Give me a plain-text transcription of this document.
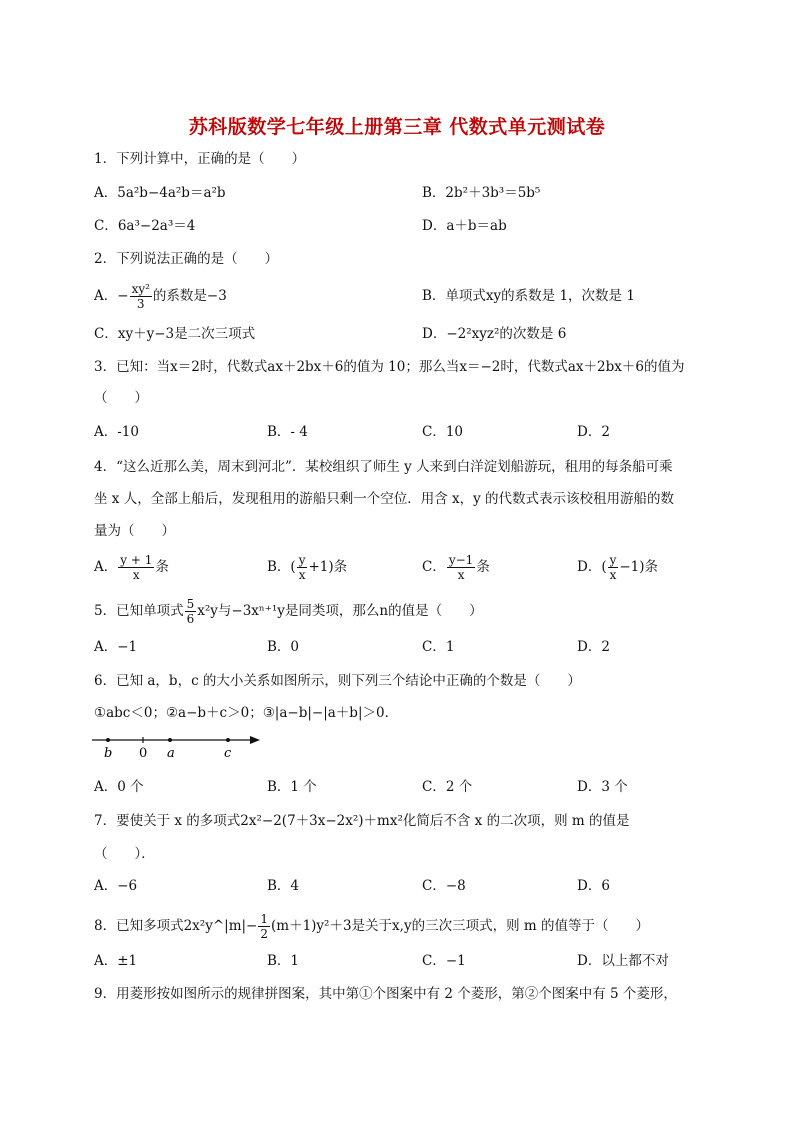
苏科版数学七年级上册第三章 代数式单元测试卷
1．下列计算中，正确的是（　　）
A．5a²b−4a²b＝a²b	B．2b²＋3b³＝5b⁵
C．6a³−2a³＝4	D．a＋b＝ab
2．下列说法正确的是（　　）
A．− $\frac{\text{xy²}}{3}$ 的系数是−3	B．单项式xy的系数是 1，次数是 1
C．xy＋y−3是二次三项式	D．−2²xyz²的次数是 6
3．已知：当x＝2时，代数式ax＋2bx＋6的值为 10；那么当x＝−2时，代数式ax＋2bx＋6的值为
（　　）
A．-10	B．- 4	C．10	D．2
4．“这么近那么美，周末到河北”．某校组织了师生 y 人来到白洋淀划船游玩，租用的每条船可乘
坐 x 人，全部上船后，发现租用的游船只剩一个空位．用含 x，y 的代数式表示该校租用游船的数
量为（　　）
A． $\frac{y + 1}{x}$ 条	B．( $\frac{y}{x} +1$)条	C． $\frac{y-1}{x}$ 条	D．( $\frac{y}{x} -1$)条
5．已知单项式 $\frac{5}{6} x^2y$与−3xⁿ⁺¹y是同类项，那么n的值是（　　）
A．−1	B．0	C．1	D．2
6．已知 a，b，c 的大小关系如图所示，则下列三个结论中正确的个数是（　　）
①abc＜0；②a−b＋c＞0；③|a−b|−|a＋b|＞0．
b 0 a	c
A．0 个	B．1 个	C．2 个	D．3 个
7．要使关于 x 的多项式2x²−2(7＋3x−2x²)＋mx²化简后不含 x 的二次项，则 m 的值是
（　　）．
A．−6	B．4	C．−8	D．6
8．已知多项式2x²y^|m|− $\frac{1}{2} (m+1)y^2+3$是关于x,y的三次三项式，则 m 的值等于（　　）
A．±1	B．1	C．−1	D．以上都不对
9．用菱形按如图所示的规律拼图案，其中第①个图案中有 2 个菱形，第②个图案中有 5 个菱形，
